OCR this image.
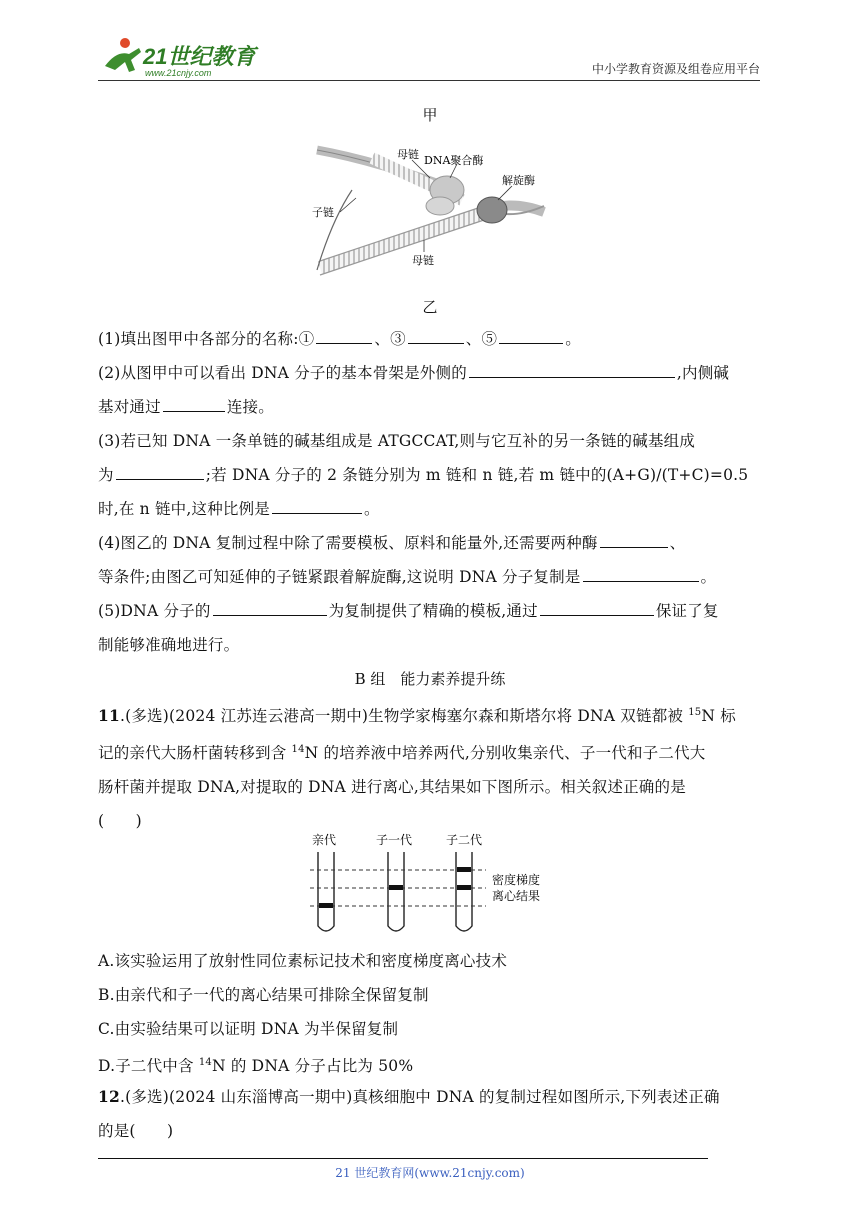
21世纪教育
www.21cnjy.com	中小学教育资源及组卷应用平台
甲
母链 DNA聚合酶
解旋酶
子链
母链
乙
(1)填出图甲中各部分的名称:①	、③	、⑤	。
(2)从图甲中可以看出 DNA 分子的基本骨架是外侧的	,内侧碱
基对通过	连接。
(3)若已知 DNA 一条单链的碱基组成是 ATGCCAT,则与它互补的另一条链的碱基组成
为	;若 DNA 分子的 2 条链分别为 m 链和 n 链,若 m 链中的(A+G)/(T+C)=0.5
时,在 n 链中,这种比例是	。
(4)图乙的 DNA 复制过程中除了需要模板、原料和能量外,还需要两种酶	、
等条件;由图乙可知延伸的子链紧跟着解旋酶,这说明 DNA 分子复制是	。
(5)DNA 分子的	为复制提供了精确的模板,通过	保证了复
制能够准确地进行。
B 组　能力素养提升练
11.(多选)(2024 江苏连云港高一期中)生物学家梅塞尔森和斯塔尔将 DNA 双链都被 $^{15}$N 标
记的亲代大肠杆菌转移到含 $^{14}$N 的培养液中培养两代,分别收集亲代、子一代和子二代大
肠杆菌并提取 DNA,对提取的 DNA 进行离心,其结果如下图所示。相关叙述正确的是
(　　)
亲代	子一代	子二代
密度梯度
离心结果
A.该实验运用了放射性同位素标记技术和密度梯度离心技术
B.由亲代和子一代的离心结果可排除全保留复制
C.由实验结果可以证明 DNA 为半保留复制
D.子二代中含 $^{14}$N 的 DNA 分子占比为 50%
12.(多选)(2024 山东淄博高一期中)真核细胞中 DNA 的复制过程如图所示,下列表述正确
的是(　　)
21 世纪教育网(www.21cnjy.com)
